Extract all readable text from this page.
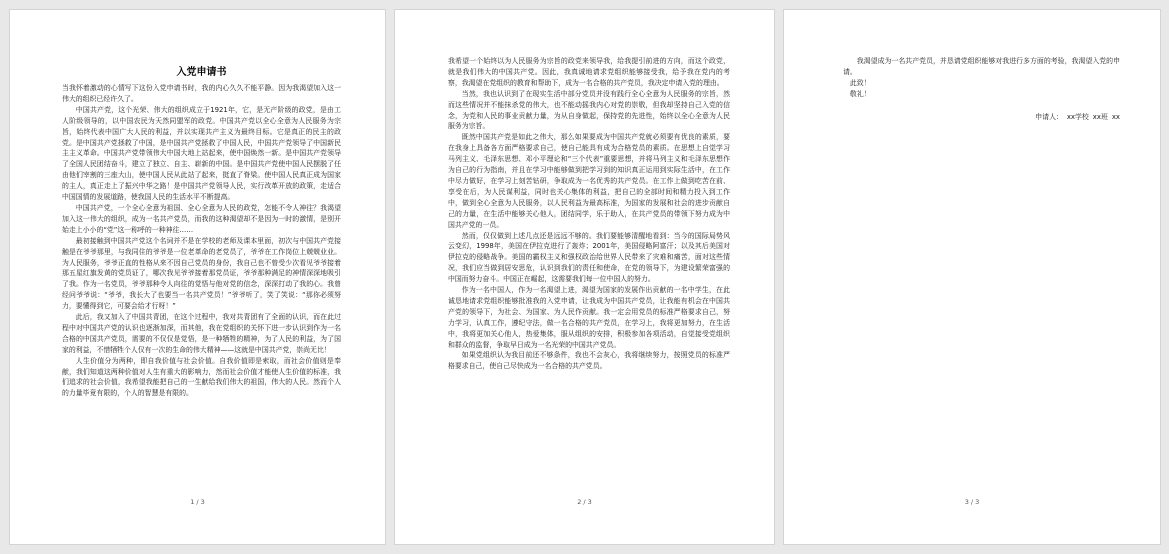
入党申请书

当我怀着激动的心情写下这份入党申请书时，我的内心久久不能平静。因为我渴望加入这一伟大的组织已经许久了。

中国共产党，这个光荣、伟大的组织成立于1921年，它，是无产阶级的政党，是由工人阶级领导的，以中国农民为天然同盟军的政党。中国共产党以全心全意为人民服务为宗旨，始终代表中国广大人民的利益，并以实现共产主义为最终目标。它是真正的民主的政党。是中国共产党拯救了中国，是中国共产党拯救了中国人民，中国共产党领导了中国新民主主义革命。中国共产党带领伟大中国大地上站起来，使中国焕然一新。是中国共产党领导了全国人民团结奋斗，建立了独立、自主、崭新的中国。是中国共产党使中国人民摆脱了任由他们宰割的三座大山，使中国人民从此站了起来，挺直了脊梁。使中国人民真正成为国家的主人，真正走上了振兴中华之路！是中国共产党领导人民，实行改革开放的政策，走适合中国国情的发展道路，使我国人民的生活水平不断提高。

中国共产党，一个全心全意为祖国、全心全意为人民的政党，怎能不令人神往？我渴望加入这一伟大的组织，成为一名共产党员，而我的这种渴望却不是因为一时的激情，是别开始走上小小的“党”这一称呼的一种神往……

最初接触到中国共产党这个名词并不是在学校的老师及课本里面，初次与中国共产党接触是在爷爷那里，与我同住的爷爷是一位老革命的老党员了，爷爷在工作岗位上兢兢业业。为人民服务，爷爷正直的性格从来不因自己党员的身份，我自己也不曾受少次看见爷爷接着那五星红旗发黄的党员证了，哪次我见爷爷接着那党员证，爷爷那种满足的神情深深地吸引了我。作为一名党员，爷爷那种令人向往的觉悟与他对党的信念，深深打动了我的心。我曾经问爷爷说：“爷爷，我长大了也要当一名共产党员！”爷爷听了，笑了笑说：“那你必须努力，要懂得到它，可要会给才行呀！”

此后，我又加入了中国共青团，在这个过程中，我对共青团有了全面的认识，而在此过程中对中国共产党的认识也逐渐加深，而其他，我在党组织的关怀下进一步认识到作为一名合格的中国共产党员，需要的不仅仅是觉悟，是一种牺牲的精神，为了人民的利益，为了国家的利益，不惜牺牲个人仅有一次的生命的伟大精神——这就是中国共产党，崇尚无比！

人生价值分为两种，即自我价值与社会价值。自我价值即是索取，而社会价值则是奉献，我们知道这两种价值对人生有重大的影响力，然而社会价值才能使人生价值的标准，我们追求的社会价值，我希望我能把自己的一生献给我们伟大的祖国，伟大的人民。然而个人的力量毕竟有限的，个人的智慧是有限的。

1 / 3

我希望一个始终以为人民服务为宗旨的政党来领导我，给我提引前进的方向，而这个政党，就是我们伟大的中国共产党。因此，我真诚地请求党组织能够接受我，给予我在党内的考察，我渴望在党组织的教育和帮助下，成为一名合格的共产党员，我决定申请入党的理由。

当然，我也认识到了在现实生活中部分党员并没有践行全心全意为人民服务的宗旨，然而这些情况并不能抹杀党的伟大，也不能动摇我内心对党的崇敬，但我却坚持自己入党的信念，为党和人民的事业贡献力量，为从自身做起，保持党的先进性，始终以全心全意为人民服务为宗旨。

既然中国共产党是如此之伟大，那么如果要成为中国共产党就必须要有优良的素质，要在我身上具备各方面严格要求自己，使自己能具有成为合格党员的素质。在思想上自觉学习马列主义、毛泽东思想、邓小平理论和“三个代表”重要思想，并将马列主义和毛泽东思想作为自己的行为指南，并且在学习中能够做到把学习到的知识真正运用到实际生活中，在工作中尽力做好，在学习上刻苦钻研，争取成为一名优秀的共产党员。在工作上做到吃苦在前、享受在后，为人民谋利益，同时也关心集体的利益，把自己的全部时间和精力投入到工作中，做到全心全意为人民服务，以人民利益为最高标准，为国家的发展和社会的进步贡献自己的力量，在生活中能够关心他人，团结同学，乐于助人，在共产党员的带领下努力成为中国共产党的一员。

然而，仅仅做到上述几点还是远远不够的。我们要能够清醒地看到：当今的国际局势风云变幻，1998年，美国在伊拉克进行了轰炸；2001年，美国侵略阿富汗；以及其后美国对伊拉克的侵略战争。美国的霸权主义和强权政治给世界人民带来了灾难和痛苦，面对这些情况，我们应当做到居安思危，认识到我们的责任和使命，在党的领导下，为建设繁荣富强的中国而努力奋斗。中国正在崛起，这需要我们每一位中国人的努力。

作为一名中国人，作为一名渴望上进，渴望为国家的发展作出贡献的一名中学生，在此诚恳地请求党组织能够批准我的入党申请，让我成为中国共产党员，让我能有机会在中国共产党的领导下，为社会、为国家、为人民作贡献。我一定会用党员的标准严格要求自己，努力学习，认真工作，遵纪守法，做一名合格的共产党员，在学习上，我将更加努力，在生活中，我将更加关心他人，热爱集体，服从组织的安排，积极参加各项活动，自觉接受党组织和群众的监督，争取早日成为一名光荣的中国共产党员。

如果党组织认为我目前还不够条件，我也不会灰心，我将继续努力，按照党员的标准严格要求自己，使自己尽快成为一名合格的共产党员。

2 / 3

我渴望成为一名共产党员，并恳请党组织能够对我进行多方面的考验，我渴望入党的申请。

此致！

敬礼！

申请人： xx学校 xx班 xx
3 / 3
